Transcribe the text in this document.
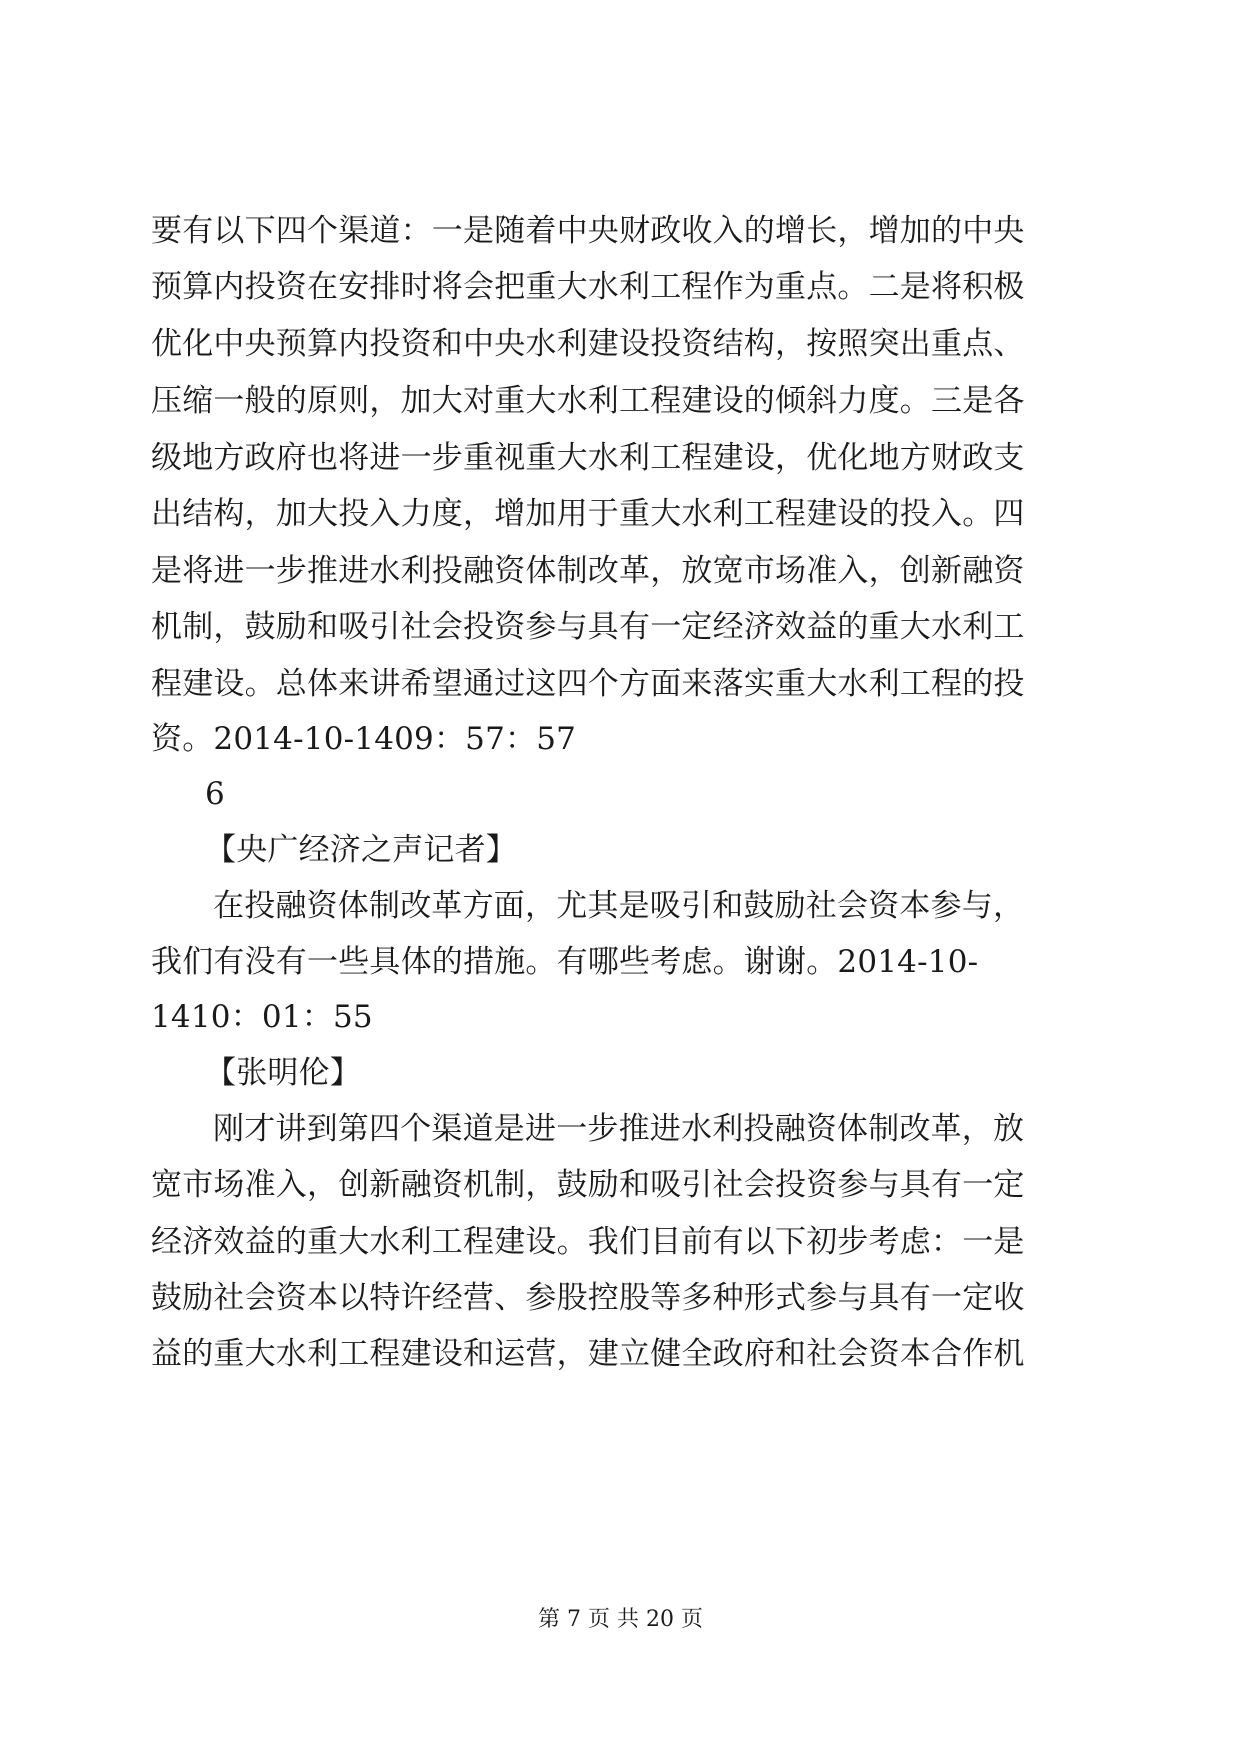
要有以下四个渠道：一是随着中央财政收入的增长，增加的中央
预算内投资在安排时将会把重大水利工程作为重点。二是将积极
优化中央预算内投资和中央水利建设投资结构，按照突出重点、
压缩一般的原则，加大对重大水利工程建设的倾斜力度。三是各
级地方政府也将进一步重视重大水利工程建设，优化地方财政支
出结构，加大投入力度，增加用于重大水利工程建设的投入。四
是将进一步推进水利投融资体制改革，放宽市场准入，创新融资
机制，鼓励和吸引社会投资参与具有一定经济效益的重大水利工
程建设。总体来讲希望通过这四个方面来落实重大水利工程的投
资。2014-10-1409：57：57
6
【央广经济之声记者】
在投融资体制改革方面，尤其是吸引和鼓励社会资本参与，
我们有没有一些具体的措施。有哪些考虑。谢谢。2014-10-
1410：01：55
【张明伦】
刚才讲到第四个渠道是进一步推进水利投融资体制改革，放
宽市场准入，创新融资机制，鼓励和吸引社会投资参与具有一定
经济效益的重大水利工程建设。我们目前有以下初步考虑：一是
鼓励社会资本以特许经营、参股控股等多种形式参与具有一定收
益的重大水利工程建设和运营，建立健全政府和社会资本合作机
第 7 页 共 20 页
